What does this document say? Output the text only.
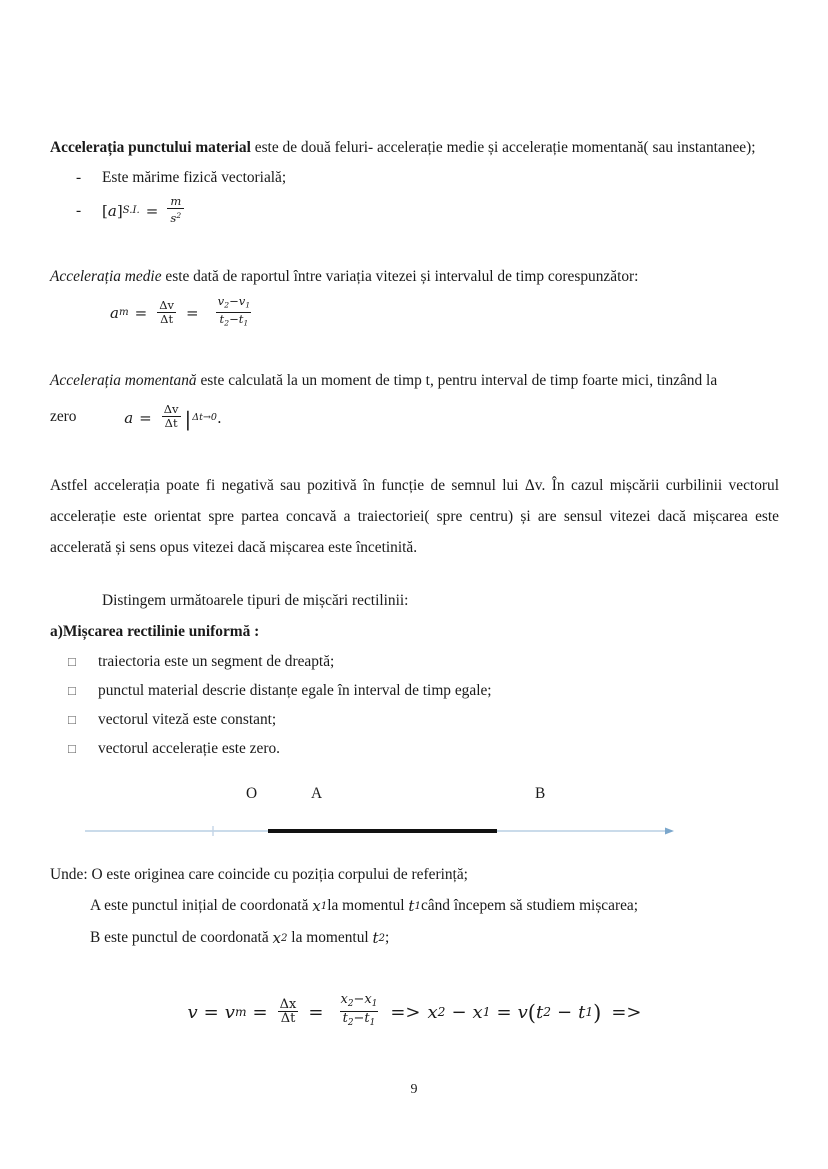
Accelerația punctului material este de două feluri- accelerație medie și accelerație momentană( sau instantanee);

-	Este mărime fizică vectorială;
-	[ a ] S.I. = $\frac{m}{s^2}$

Accelerația medie este dată de raportul între variația vitezei și intervalul de timp corespunzător:

a $m = \frac{\Delta v}{\Delta t} = \frac{v_2-v_1}{t_2-t_1}$

Accelerația momentană este calculată la un moment de timp t, pentru interval de timp foarte mici, tinzând la

zero	$a = \frac{\Delta v}{\Delta t}$ | Δt→0 .

Astfel accelerația poate fi negativă sau pozitivă în funcție de semnul lui Δv. În cazul mișcării curbilinii vectorul accelerație este orientat spre partea concavă a traiectoriei( spre centru) și are sensul vitezei dacă mișcarea este accelerată și sens opus vitezei dacă mișcarea este încetinită.

Distingem următoarele tipuri de mișcări rectilinii:

a)Mișcarea rectilinie uniformă :

□	traiectoria este un segment de dreaptă;
□	punctul material descrie distanțe egale în interval de timp egale;
□	vectorul viteză este constant;
□	vectorul accelerație este zero.
O	A	B

Unde: O este originea care coincide cu poziția corpului de referință;

A este punctul inițial de coordonată x 1 la momentul t 1 când începem să studiem mișcarea;

B este punctul de coordonată x 2 la momentul t 2 ;

v = v $m = \frac{\Delta x}{\Delta t} = \frac{x_2-x_1}{t_2-t_1} => x$ 2 − x 1 = v ( t 2 − t 1 ) =>
9
